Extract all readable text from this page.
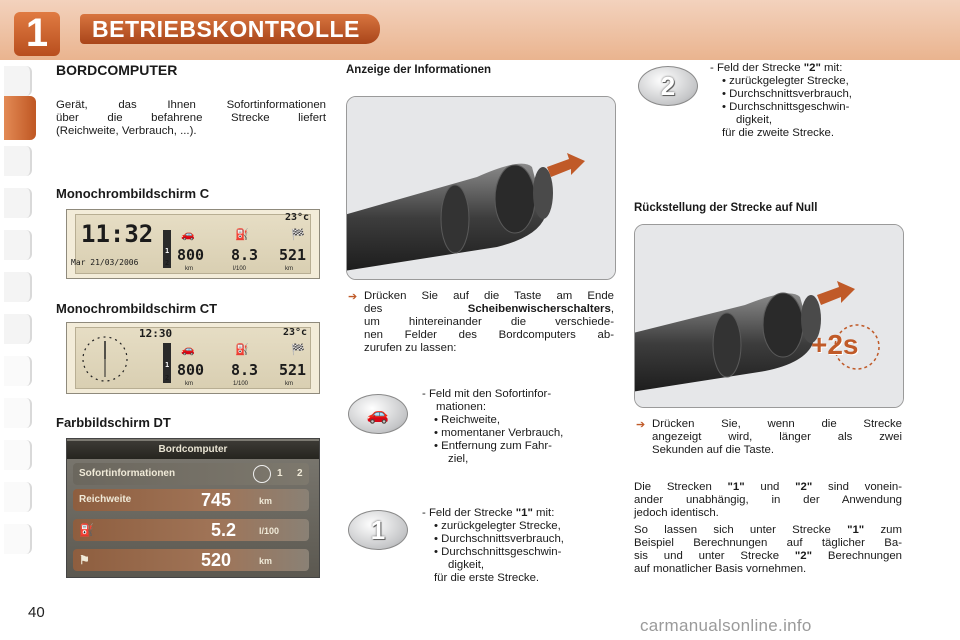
1	BETRIEBSKONTROLLE
BORDCOMPUTER
Gerät, das Ihnen Sofortinformationen
über die befahrene Strecke liefert
(Reichweite, Verbrauch, ...).
Monochrombildschirm C
11:32
Mar 21/03/2006
1
2
🚗	⛽	🏁
23°c
800 8.3 521
km	l/100	km
Monochrombildschirm CT
12:30	23°c
1
2
🚗	⛽	🏁
800 8.3 521
km	1/100	km
Farbbildschirm DT
Bordcomputer
Sofortinformationen	1 2
Reichweite	745	km
⛽	5.2	l/100
⚑	520	km
Anzeige der Informationen
➔ Drücken Sie auf die Taste am Ende
des Scheibenwischerschalters,
um hintereinander die verschiede-
nen Felder des Bordcomputers ab-
zurufen zu lassen:
🚗
- Feld mit den Sofortinfor-
mationen:
• Reichweite,
• momentaner Verbrauch,
• Entfernung zum Fahr-
ziel,
1
- Feld der Strecke "1" mit:
• zurückgelegter Strecke,
• Durchschnittsverbrauch,
• Durchschnittsgeschwin-
digkeit,
für die erste Strecke.
2
- Feld der Strecke "2" mit:
• zurückgelegter Strecke,
• Durchschnittsverbrauch,
• Durchschnittsgeschwin-
digkeit,
für die zweite Strecke.
Rückstellung der Strecke auf Null
+2s
➔ Drücken Sie, wenn die Strecke
angezeigt wird, länger als zwei
Sekunden auf die Taste.
Die Strecken "1" und "2" sind vonein-
ander unabhängig, in der Anwendung
jedoch identisch.
So lassen sich unter Strecke "1" zum
Beispiel Berechnungen auf täglicher Ba-
sis und unter Strecke "2" Berechnungen
auf monatlicher Basis vornehmen.
40
carmanualsonline.info
